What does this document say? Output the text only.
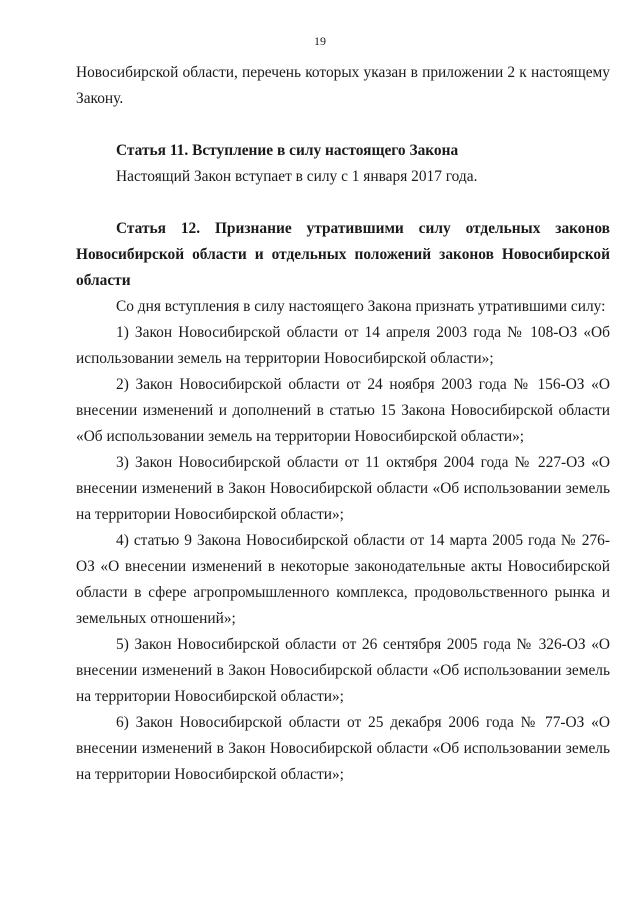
19

Новосибирской области, перечень которых указан в приложении 2 к настоящему Закону.

Статья 11. Вступление в силу настоящего Закона

Настоящий Закон вступает в силу с 1 января 2017 года.

Статья 12. Признание утратившими силу отдельных законов Новосибирской области и отдельных положений законов Новосибирской области

Со дня вступления в силу настоящего Закона признать утратившими силу:

1) Закон Новосибирской области от 14 апреля 2003 года № 108-ОЗ «Об использовании земель на территории Новосибирской области»;

2) Закон Новосибирской области от 24 ноября 2003 года № 156-ОЗ «О внесении изменений и дополнений в статью 15 Закона Новосибирской области «Об использовании земель на территории Новосибирской области»;

3) Закон Новосибирской области от 11 октября 2004 года № 227-ОЗ «О внесении изменений в Закон Новосибирской области «Об использовании земель на территории Новосибирской области»;

4) статью 9 Закона Новосибирской области от 14 марта 2005 года № 276-ОЗ «О внесении изменений в некоторые законодательные акты Новосибирской области в сфере агропромышленного комплекса, продовольственного рынка и земельных отношений»;

5) Закон Новосибирской области от 26 сентября 2005 года № 326-ОЗ «О внесении изменений в Закон Новосибирской области «Об использовании земель на территории Новосибирской области»;

6) Закон Новосибирской области от 25 декабря 2006 года № 77-ОЗ «О внесении изменений в Закон Новосибирской области «Об использовании земель на территории Новосибирской области»;
